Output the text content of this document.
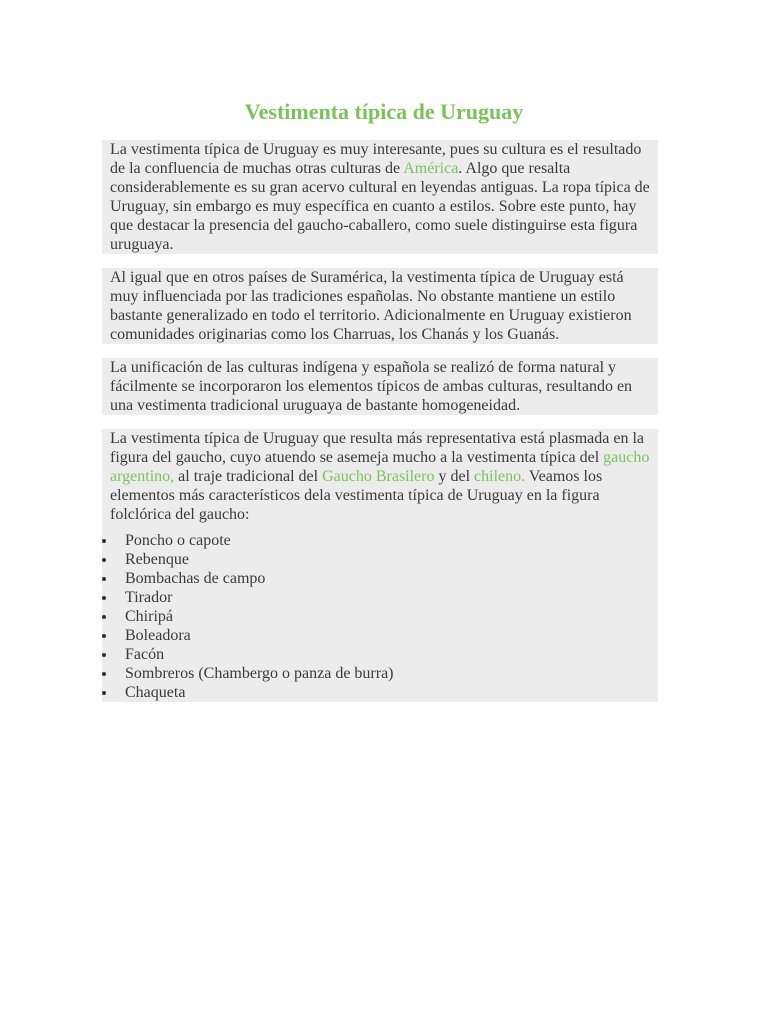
Vestimenta típica de Uruguay

La vestimenta típica de Uruguay es muy interesante, pues su cultura es el resultado de la confluencia de muchas otras culturas de América. Algo que resalta considerablemente es su gran acervo cultural en leyendas antiguas. La ropa típica de Uruguay, sin embargo es muy específica en cuanto a estilos. Sobre este punto, hay que destacar la presencia del gaucho-caballero, como suele distinguirse esta figura uruguaya.

Al igual que en otros países de Suramérica, la vestimenta típica de Uruguay está muy influenciada por las tradiciones españolas. No obstante mantiene un estilo bastante generalizado en todo el territorio. Adicionalmente en Uruguay existieron comunidades originarias como los Charruas, los Chanás y los Guanás.

La unificación de las culturas indígena y española se realizó de forma natural y fácilmente se incorporaron los elementos típicos de ambas culturas, resultando en una vestimenta tradicional uruguaya de bastante homogeneidad.

La vestimenta típica de Uruguay que resulta más representativa está plasmada en la figura del gaucho, cuyo atuendo se asemeja mucho a la vestimenta típica del gaucho argentino, al traje tradicional del Gaucho Brasilero y del chileno. Veamos los elementos más característicos dela vestimenta típica de Uruguay en la figura folclórica del gaucho:

Poncho o capote
Rebenque
Bombachas de campo
Tirador
Chiripá
Boleadora
Facón
Sombreros (Chambergo o panza de burra)
Chaqueta
